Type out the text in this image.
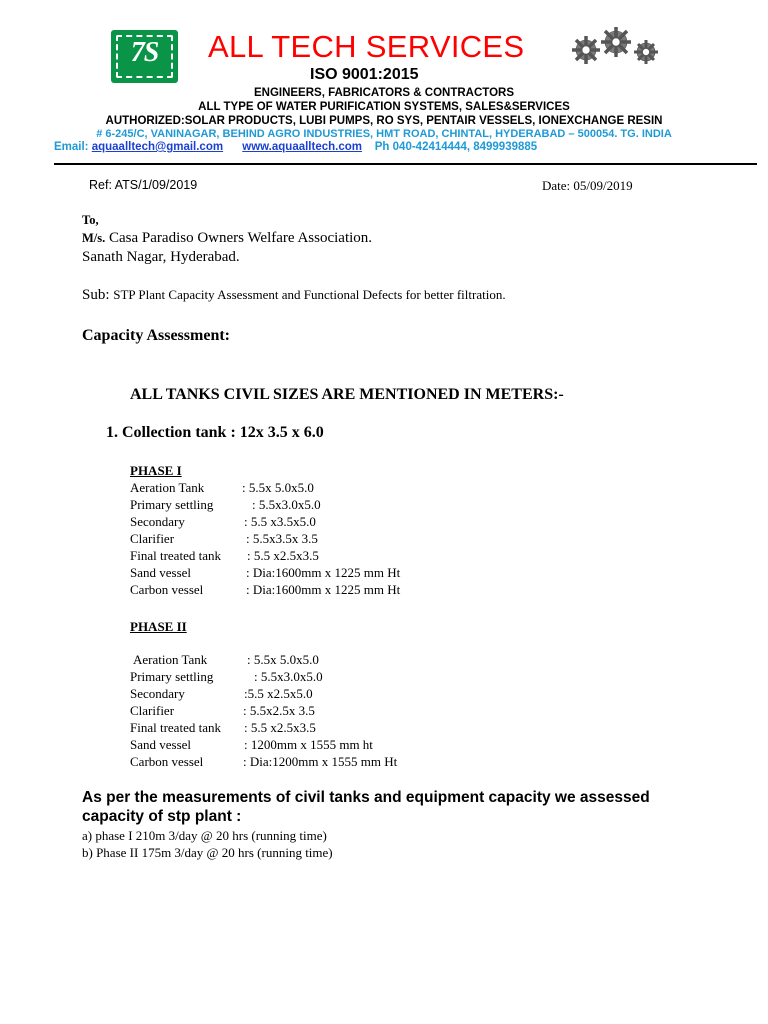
7S	ALL TECH SERVICES
ISO 9001:2015
ENGINEERS, FABRICATORS & CONTRACTORS
ALL TYPE OF WATER PURIFICATION SYSTEMS, SALES&SERVICES
AUTHORIZED:SOLAR PRODUCTS, LUBI PUMPS, RO SYS, PENTAIR VESSELS, IONEXCHANGE RESIN
# 6-245/C, VANINAGAR, BEHIND AGRO INDUSTRIES, HMT ROAD, CHINTAL, HYDERABAD – 500054. TG. INDIA
Email: aquaalltech@gmail.com www.aquaalltech.com Ph 040-42414444, 8499939885
Ref: ATS/1/09/2019	Date: 05/09/2019
To,
M/s. Casa Paradiso Owners Welfare Association.
Sanath Nagar, Hyderabad.
Sub: STP Plant Capacity Assessment and Functional Defects for better filtration.
Capacity Assessment:
ALL TANKS CIVIL SIZES ARE MENTIONED IN METERS:-
1. Collection tank : 12x 3.5 x 6.0
PHASE I
Aeration Tank	: 5.5x 5.0x5.0
Primary settling	: 5.5x3.0x5.0
Secondary	: 5.5 x3.5x5.0
Clarifier	: 5.5x3.5x 3.5
Final treated tank : 5.5 x2.5x3.5
Sand vessel	: Dia:1600mm x 1225 mm Ht
Carbon vessel	: Dia:1600mm x 1225 mm Ht
PHASE II
Aeration Tank	: 5.5x 5.0x5.0
Primary settling	: 5.5x3.0x5.0
Secondary	:5.5 x2.5x5.0
Clarifier	: 5.5x2.5x 3.5
Final treated tank : 5.5 x2.5x3.5
Sand vessel	: 1200mm x 1555 mm ht
Carbon vessel	: Dia:1200mm x 1555 mm Ht
As per the measurements of civil tanks and equipment capacity we assessed capacity of stp plant :
a) phase I 210m 3/day @ 20 hrs (running time)
b) Phase II 175m 3/day @ 20 hrs (running time)
